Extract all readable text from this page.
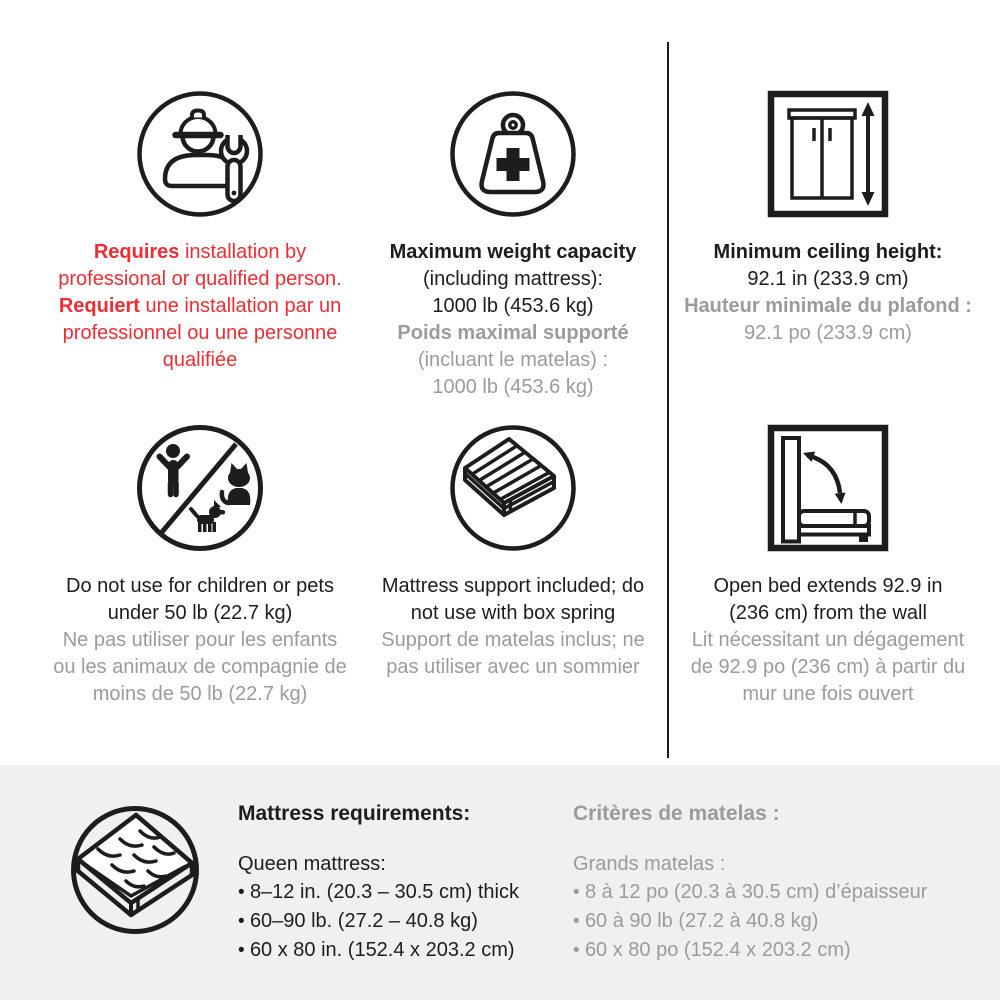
Requires installation by
professional or qualified person.
Requiert une installation par un
professionnel ou une personne
qualifiée

Maximum weight capacity
(including mattress):
1000 lb (453.6 kg)
Poids maximal supporté
(incluant le matelas) :
1000 lb (453.6 kg)

Minimum ceiling height:
92.1 in (233.9 cm)
Hauteur minimale du plafond :
92.1 po (233.9 cm)

Do not use for children or pets
under 50 lb (22.7 kg)
Ne pas utiliser pour les enfants
ou les animaux de compagnie de
moins de 50 lb (22.7 kg)

Mattress support included; do
not use with box spring
Support de matelas inclus; ne
pas utiliser avec un sommier

Open bed extends 92.9 in
(236 cm) from the wall
Lit nécessitant un dégagement
de 92.9 po (236 cm) à partir du
mur une fois ouvert

Mattress requirements:
Queen mattress:
• 8–12 in. (20.3 – 30.5 cm) thick
• 60–90 lb. (27.2 – 40.8 kg)
• 60 x 80 in. (152.4 x 203.2 cm)
Critères de matelas :
Grands matelas :
• 8 à 12 po (20.3 à 30.5 cm) d’épaisseur
• 60 à 90 lb (27.2 à 40.8 kg)
• 60 x 80 po (152.4 x 203.2 cm)
